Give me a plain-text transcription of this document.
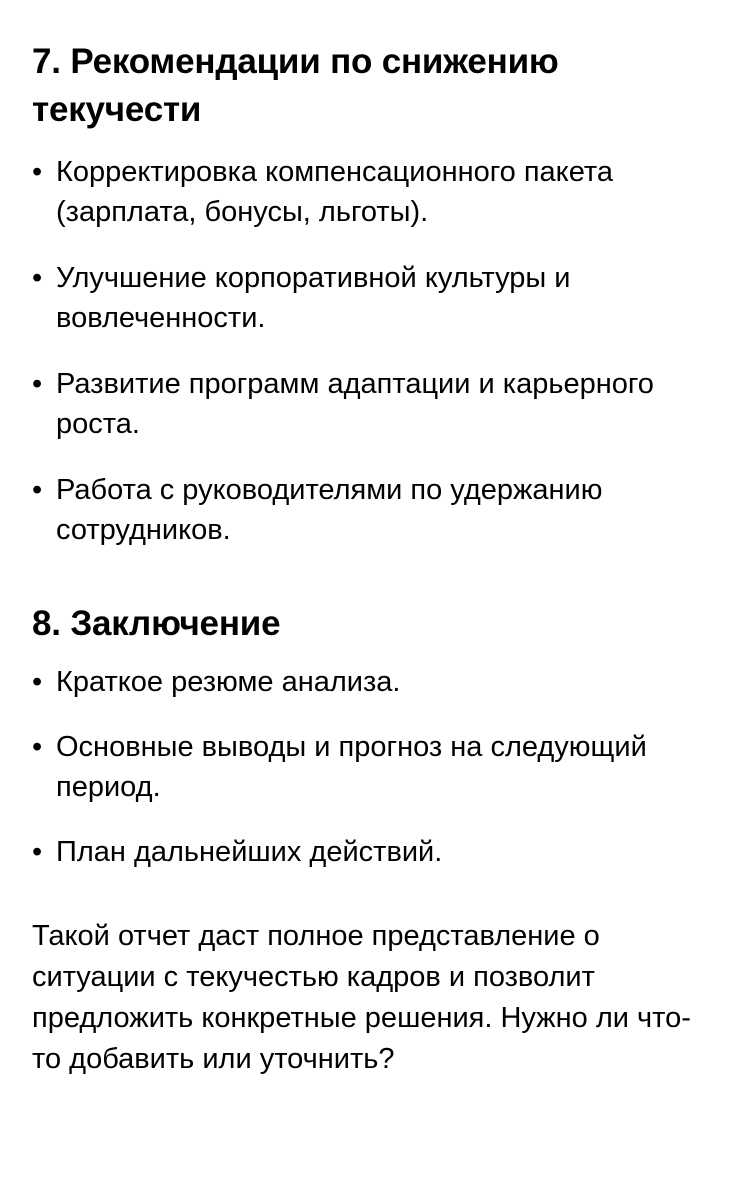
7. Рекомендации по снижению текучести
• Корректировка компенсационного пакета (зарплата, бонусы, льготы).
• Улучшение корпоративной культуры и вовлеченности.
• Развитие программ адаптации и карьерного роста.
• Работа с руководителями по удержанию сотрудников.
8. Заключение
• Краткое резюме анализа.
• Основные выводы и прогноз на следующий период.
• План дальнейших действий.

Такой отчет даст полное представление о ситуации с текучестью кадров и позволит предложить конкретные решения. Нужно ли что-то добавить или уточнить?
